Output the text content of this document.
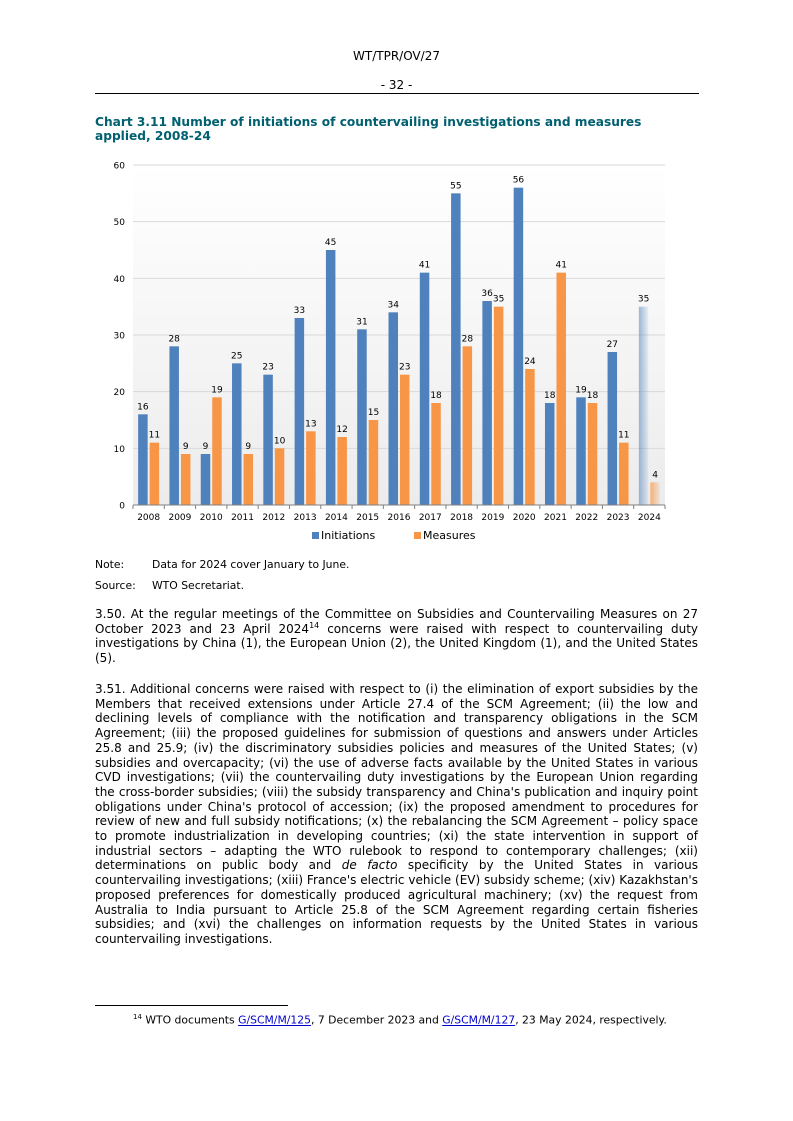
WT/TPR/OV/27
- 32 -
Chart 3.11 Number of initiations of countervailing investigations and measures applied, 2008-24
16
11
28
9 9
19
25
9
23
10
33
13
45
12
31
15
34
23
41
18
55
28
36
35
56
24
18
41
19
18
27
11
35
4
0
10
20
30
40
50
60
2008 2009 2010 2011 2012 2013 2014 2015 2016 2017 2018 2019 2020 2021 2022 2023 2024
Initiations	Measures
Note:	Data for 2024 cover January to June.
Source: WTO Secretariat.

3.50. At the regular meetings of the Committee on Subsidies and Countervailing Measures on 27 October 2023 and 23 April 2024$^{14}$ concerns were raised with respect to countervailing duty investigations by China (1), the European Union (2), the United Kingdom (1), and the United States (5).

3.51. Additional concerns were raised with respect to (i) the elimination of export subsidies by the Members that received extensions under Article 27.4 of the SCM Agreement; (ii) the low and declining levels of compliance with the notification and transparency obligations in the SCM Agreement; (iii) the proposed guidelines for submission of questions and answers under Articles 25.8 and 25.9; (iv) the discriminatory subsidies policies and measures of the United States; (v) subsidies and overcapacity; (vi) the use of adverse facts available by the United States in various CVD investigations; (vii) the countervailing duty investigations by the European Union regarding the cross-border subsidies; (viii) the subsidy transparency and China's publication and inquiry point obligations under China's protocol of accession; (ix) the proposed amendment to procedures for review of new and full subsidy notifications; (x) the rebalancing the SCM Agreement – policy space to promote industrialization in developing countries; (xi) the state intervention in support of industrial sectors – adapting the WTO rulebook to respond to contemporary challenges; (xii) determinations on public body and de facto specificity by the United States in various countervailing investigations; (xiii) France's electric vehicle (EV) subsidy scheme; (xiv) Kazakhstan's proposed preferences for domestically produced agricultural machinery; (xv) the request from Australia to India pursuant to Article 25.8 of the SCM Agreement regarding certain fisheries subsidies; and (xvi) the challenges on information requests by the United States in various countervailing investigations.

$^{14}$ WTO documents G/SCM/M/125, 7 December 2023 and G/SCM/M/127, 23 May 2024, respectively.
